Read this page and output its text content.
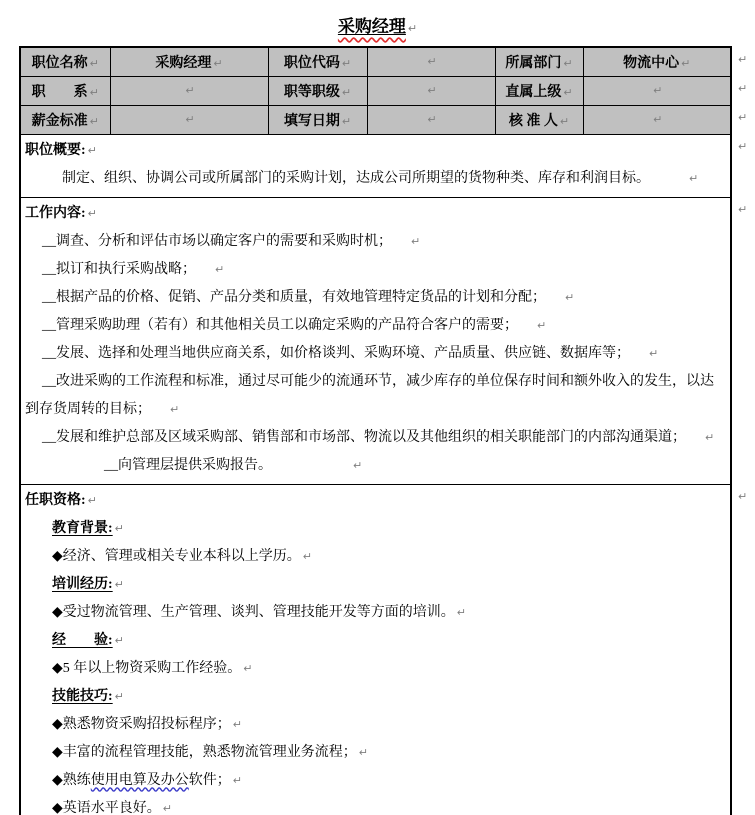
采购经理 ↵
职位名称 ↵	采购经理 ↵	职位代码 ↵	↵	所属部门 ↵	物流中心 ↵
职　　系 ↵	↵	职等职级 ↵	↵	直属上级 ↵	↵
薪金标准 ↵	↵	填写日期 ↵	↵	核 准 人 ↵	↵

职位概要: ↵

制定、组织、协调公司或所属部门的采购计划，达成公司所期望的货物种类、库存和利润目标。 ↵					

工作内容: ↵

__调查、分析和评估市场以确定客户的需要和采购时机； ↵

__拟订和执行采购战略； ↵

__根据产品的价格、促销、产品分类和质量，有效地管理特定货品的计划和分配； ↵

__管理采购助理（若有）和其他相关员工以确定采购的产品符合客户的需要； ↵

__发展、选择和处理当地供应商关系，如价格谈判、采购环境、产品质量、供应链、数据库等； ↵

__改进采购的工作流程和标准，通过尽可能少的流通环节，减少库存的单位保存时间和额外收入的发生，以达到存货周转的目标； ↵

__发展和维护总部及区域采购部、销售部和市场部、物流以及其他组织的相关职能部门的内部沟通渠道； ↵

__向管理层提供采购报告。	↵

任职资格: ↵
教育背景: ↵

◆经济、管理或相关专业本科以上学历。 ↵

培训经历: ↵

◆受过物流管理、生产管理、谈判、管理技能开发等方面的培训。 ↵

经　　验: ↵

◆5 年以上物资采购工作经验。 ↵

技能技巧: ↵

◆熟悉物资采购招投标程序； ↵

◆丰富的流程管理技能，熟悉物流管理业务流程； ↵

◆熟练使用电算及办公软件； ↵

◆英语水平良好。 ↵

↵
↵
↵
↵
↵
↵
